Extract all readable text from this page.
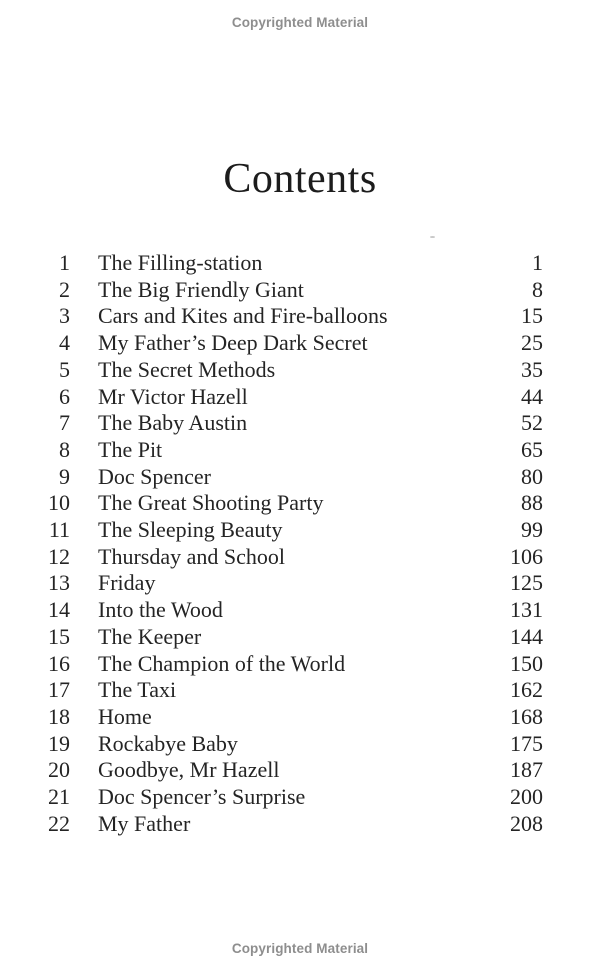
Copyrighted Material
Contents
1 The Filling-station	1
2 The Big Friendly Giant	8
3 Cars and Kites and Fire-balloons	15
4 My Father’s Deep Dark Secret	25
5 The Secret Methods	35
6 Mr Victor Hazell	44
7 The Baby Austin	52
8 The Pit	65
9 Doc Spencer	80
10 The Great Shooting Party	88
11 The Sleeping Beauty	99
12 Thursday and School	106
13 Friday	125
14 Into the Wood	131
15 The Keeper	144
16 The Champion of the World	150
17 The Taxi	162
18 Home	168
19 Rockabye Baby	175
20 Goodbye, Mr Hazell	187
21 Doc Spencer’s Surprise	200
22 My Father	208
Copyrighted Material
